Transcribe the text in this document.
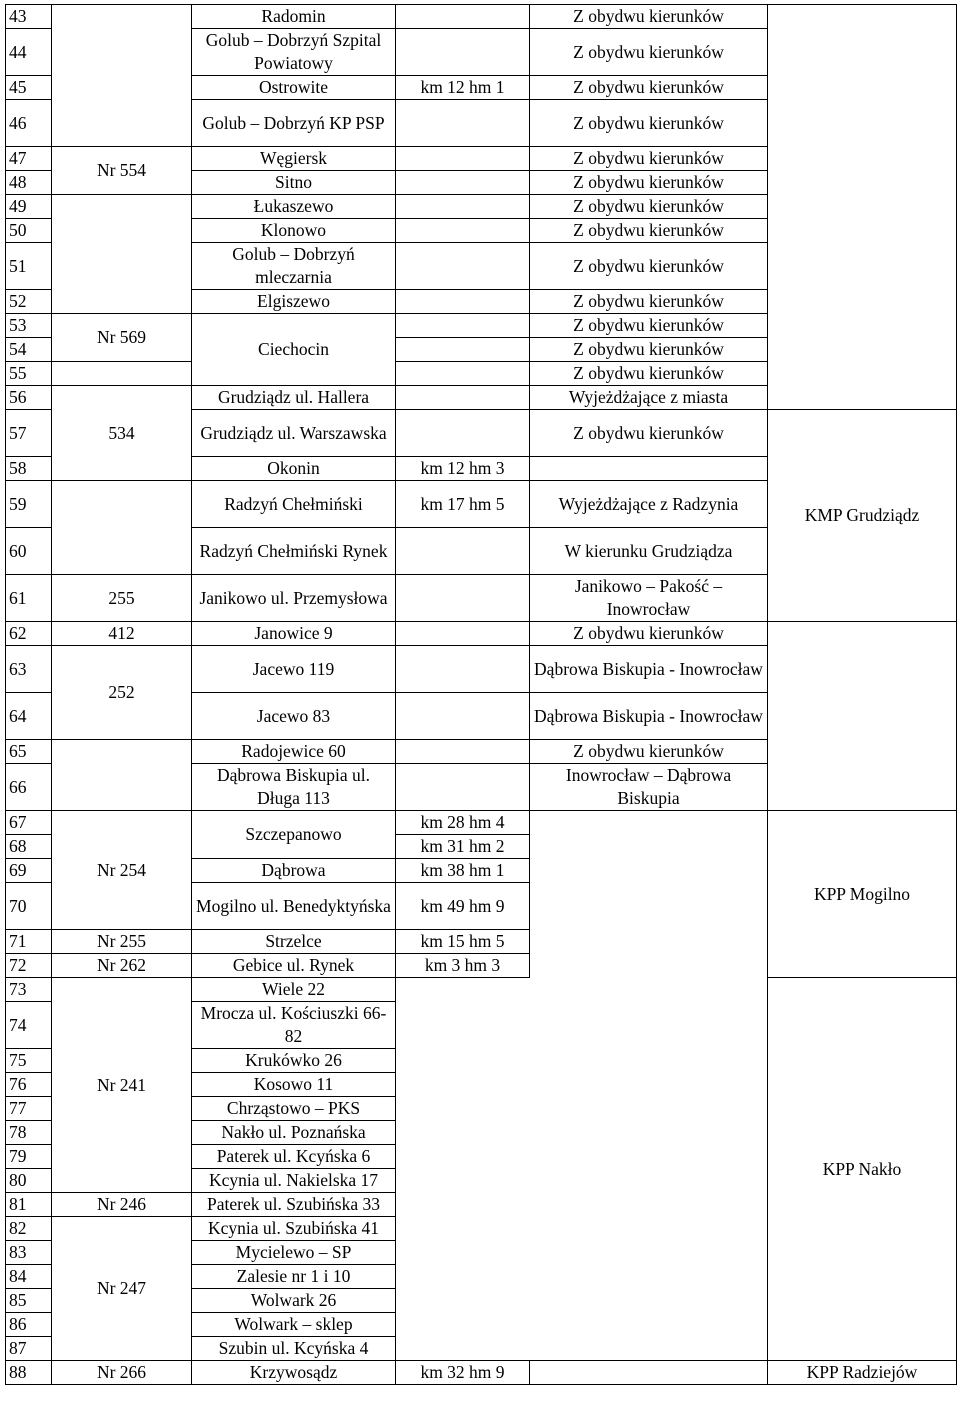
43		Radomin		Z obydwu kierunków		
44		Golub – Dobrzyń Szpital Powiatowy		Z obydwu kierunków		
45		Ostrowite	km 12 hm 1	Z obydwu kierunków		
46		Golub – Dobrzyń KP PSP		Z obydwu kierunków		
47	Nr 554	Węgiersk		Z obydwu kierunków		
48		Sitno		Z obydwu kierunków		
49		Łukaszewo		Z obydwu kierunków		
50		Klonowo		Z obydwu kierunków		
51		Golub – Dobrzyń mleczarnia		Z obydwu kierunków		
52		Elgiszewo		Z obydwu kierunków		
53	Nr 569	Ciechocin		Z obydwu kierunków		
54				Z obydwu kierunków		
55				Z obydwu kierunków		
56	534	Grudziądz ul. Hallera		Wyjeżdżające z miasta		
57		Grudziądz ul. Warszawska		Z obydwu kierunków	KMP Grudziądz	
58		Okonin	km 12 hm 3			
59		Radzyń Chełmiński	km 17 hm 5	Wyjeżdżające z Radzynia		
60		Radzyń Chełmiński Rynek		W kierunku Grudziądza		
61	255	Janikowo ul. Przemysłowa		Janikowo – Pakość – Inowrocław	
62	412	Janowice 9		Z obydwu kierunków		
63	252	Jacewo 119		Dąbrowa Biskupia - Inowrocław		
64		Jacewo 83		Dąbrowa Biskupia - Inowrocław		
65		Radojewice 60		Z obydwu kierunków		
66		Dąbrowa Biskupia ul. Długa 113		Inowrocław – Dąbrowa Biskupia		
67	Nr 254	Szczepanowo	km 28 hm 4		KPP Mogilno	
68			km 31 hm 2			
69		Dąbrowa	km 38 hm 1			
70		Mogilno ul. Benedyktyńska	km 49 hm 9			
71	Nr 255	Strzelce	km 15 hm 5			
72	Nr 262	Gebice ul. Rynek	km 3 hm 3			
73	Nr 241	Wiele 22			KPP Nakło	
74		Mrocza ul. Kościuszki 66-82				
75		Krukówko 26				
76		Kosowo 11				
77		Chrząstowo – PKS				
78		Nakło ul. Poznańska				
79		Paterek ul. Kcyńska 6				
80		Kcynia ul. Nakielska 17				
81	Nr 246	Paterek ul. Szubińska 33				
82	Nr 247	Kcynia ul. Szubińska 41				
83		Mycielewo – SP				
84		Zalesie nr 1 i 10				
85		Wolwark 26				
86		Wolwark – sklep				
87		Szubin ul. Kcyńska 4				
88	Nr 266	Krzywosądz	km 32 hm 9		KPP Radziejów	
